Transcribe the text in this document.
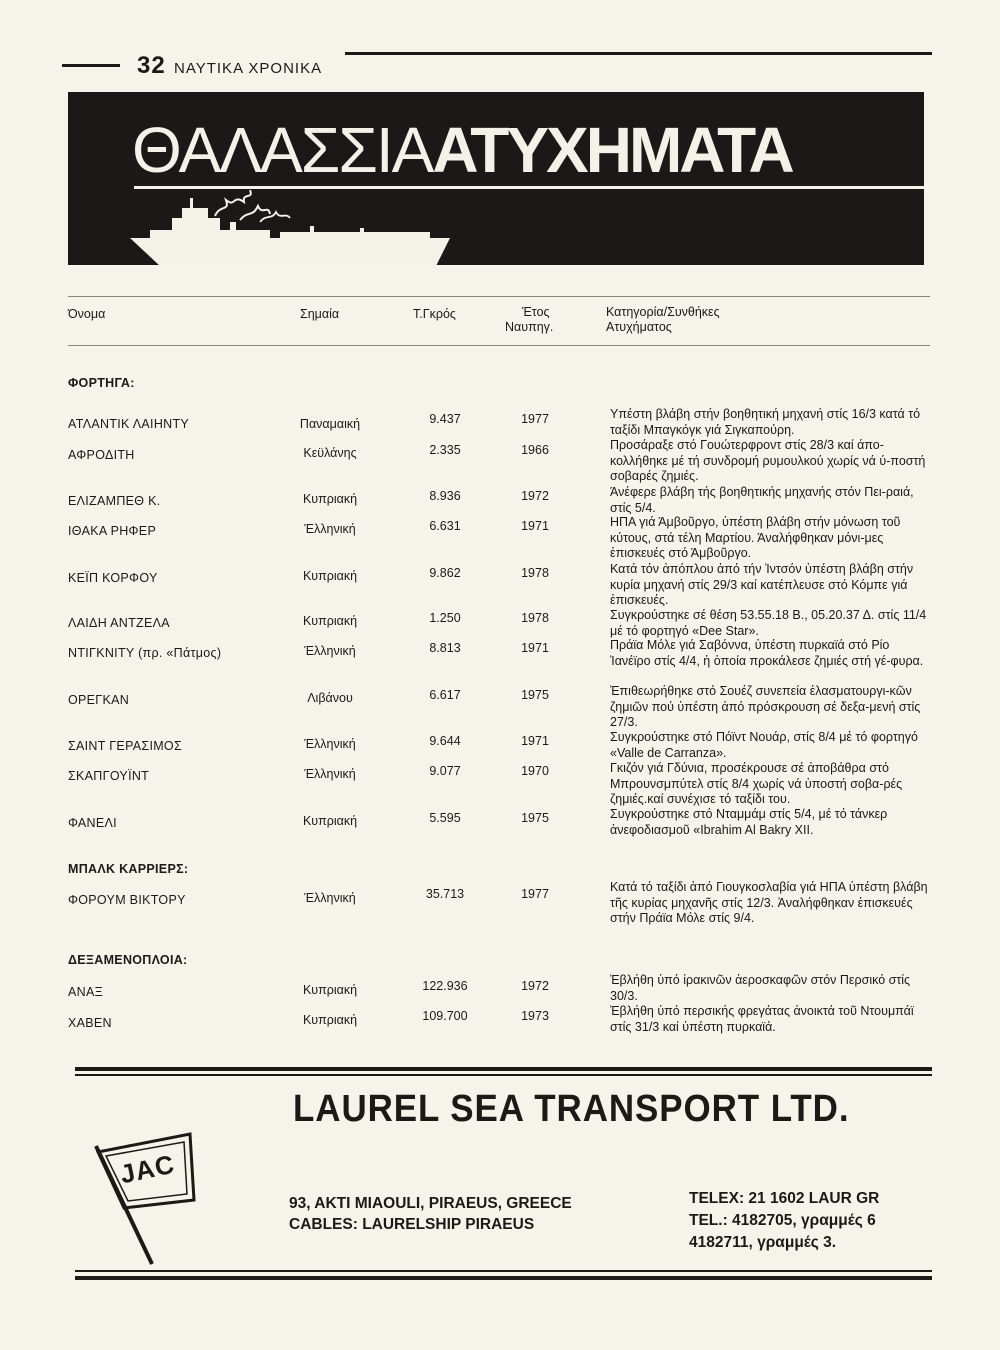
32 ΝΑΥΤΙΚΑ ΧΡΟΝΙΚΑ
ΘΑΛΑΣΣΙΑΑΤΥΧΗΜΑΤΑ
Όνομα	Σημαία	Τ.Γκρός	Έτος
Ναυπηγ.
Κατηγορία/Συνθήκες
Ατυχήματος
ΦΟΡΤΗΓΑ:
ΑΤΛΑΝΤΙΚ ΛΑΙΗΝΤΥ	Παναμαική	9.437	1977	Υπέστη βλάβη στήν βοηθητική μηχανή στίς 16/3 κατά τό ταξίδι Μπαγκόγκ γιά Σιγκαπούρη.
ΑΦΡΟΔΙΤΗ	Κεϋλάνης	2.335	1966	Προσάραξε στό Γουώτερφροντ στίς 28/3 καί άπο-κολλήθηκε μέ τή συνδρομή ρυμουλκού χωρίς νά ύ-ποστή σοβαρές ζημιές.
ΕΛΙΖΑΜΠΕΘ Κ.	Κυπριακή	8.936	1972	Άνέφερε βλάβη τής βοηθητικής μηχανής στόν Πει-ραιά, στίς 5/4.
ΙΘΑΚΑ ΡΗΦΕΡ	Έλληνική	6.631	1971	ΗΠΑ γιά Άμβοῦργο, ὑπέστη βλάβη στήν μόνωση τοῦ κύτους, στά τέλη Μαρτίου. Άναλήφθηκαν μόνι-μες ἐπισκευές στό Άμβοῦργο.
ΚΕΪΠ ΚΟΡΦΟΥ	Κυπριακή	9.862	1978	Κατά τόν ἀπόπλου ἀπό τήν Ἰντσόν ὑπέστη βλάβη στήν κυρία μηχανή στίς 29/3 καί κατέπλευσε στό Κόμπε γιά ἐπισκευές.
ΛΑΙΔΗ ΑΝΤΖΕΛΑ	Κυπριακή	1.250	1978	Συγκρούστηκε σέ θέση 53.55.18 Β., 05.20.37 Δ. στίς 11/4 μέ τό φορτηγό «Dee Star».
ΝΤΙΓΚΝΙΤΥ (πρ. «Πάτμος)	Έλληνική	8.813	1971	Πράϊα Μόλε γιά Σαβόννα, ὑπέστη πυρκαϊά στό Ρίο Ἰανέϊρο στίς 4/4, ἡ ὁποία προκάλεσε ζημιές στή γέ-φυρα.
ΟΡΕΓΚΑΝ	Λιβάνου	6.617	1975	Ἐπιθεωρήθηκε στό Σουέζ συνεπεία ἐλασματουργι-κῶν ζημιῶν πού ὑπέστη ἀπό πρόσκρουση σέ δεξα-μενή στίς 27/3.
ΣΑΙΝΤ ΓΕΡΑΣΙΜΟΣ	Έλληνική	9.644	1971	Συγκρούστηκε στό Πόϊντ Νουάρ, στίς 8/4 μέ τό φορτηγό «Valle de Carranza».
ΣΚΑΠΓΟΥΪΝΤ	Έλληνική	9.077	1970	Γκιζόν γιά Γδύνια, προσέκρουσε σέ ἀποβάθρα στό Μπρουνσμπύτελ στίς 8/4 χωρίς νά ὑποστή σοβα-ρές ζημιές.καί συνέχισε τό ταξίδι του.
ΦΑΝΕΛΙ	Κυπριακή	5.595	1975	Συγκρούστηκε στό Νταμμάμ στίς 5/4, μέ τό τάνκερ ἀνεφοδιασμοῦ «Ibrahim Al Bakry XII.
ΜΠΑΛΚ ΚΑΡΡΙΕΡΣ:
ΦΟΡΟΥΜ ΒΙΚΤΟΡΥ	Έλληνική	35.713	1977	Κατά τό ταξίδι ἀπό Γιουγκοσλαβία γιά ΗΠΑ ὑπέστη βλάβη τῆς κυρίας μηχανῆς στίς 12/3. Ἀναλήφθηκαν ἐπισκευές στήν Πράϊα Μόλε στίς 9/4.
ΔΕΞΑΜΕΝΟΠΛΟΙΑ:
ΑΝΑΞ	Κυπριακή	122.936	1972	Ἐβλήθη ὑπό ἰρακινῶν ἀεροσκαφῶν στόν Περσικό στίς 30/3.
ΧΑΒΕΝ	Κυπριακή	109.700	1973	Ἐβλήθη ὑπό περσικής φρεγάτας ἀνοικτά τοῦ Ντουμπάϊ στίς 31/3 καί ὑπέστη πυρκαϊά.
LAUREL SEA TRANSPORT LTD.
JAC
93, AKTI MIAOULI, PIRAEUS, GREECE
CABLES: LAURELSHIP PIRAEUS
TELEX: 21 1602 LAUR GR
TEL.: 4182705, γραμμές 6
4182711, γραμμές 3.
